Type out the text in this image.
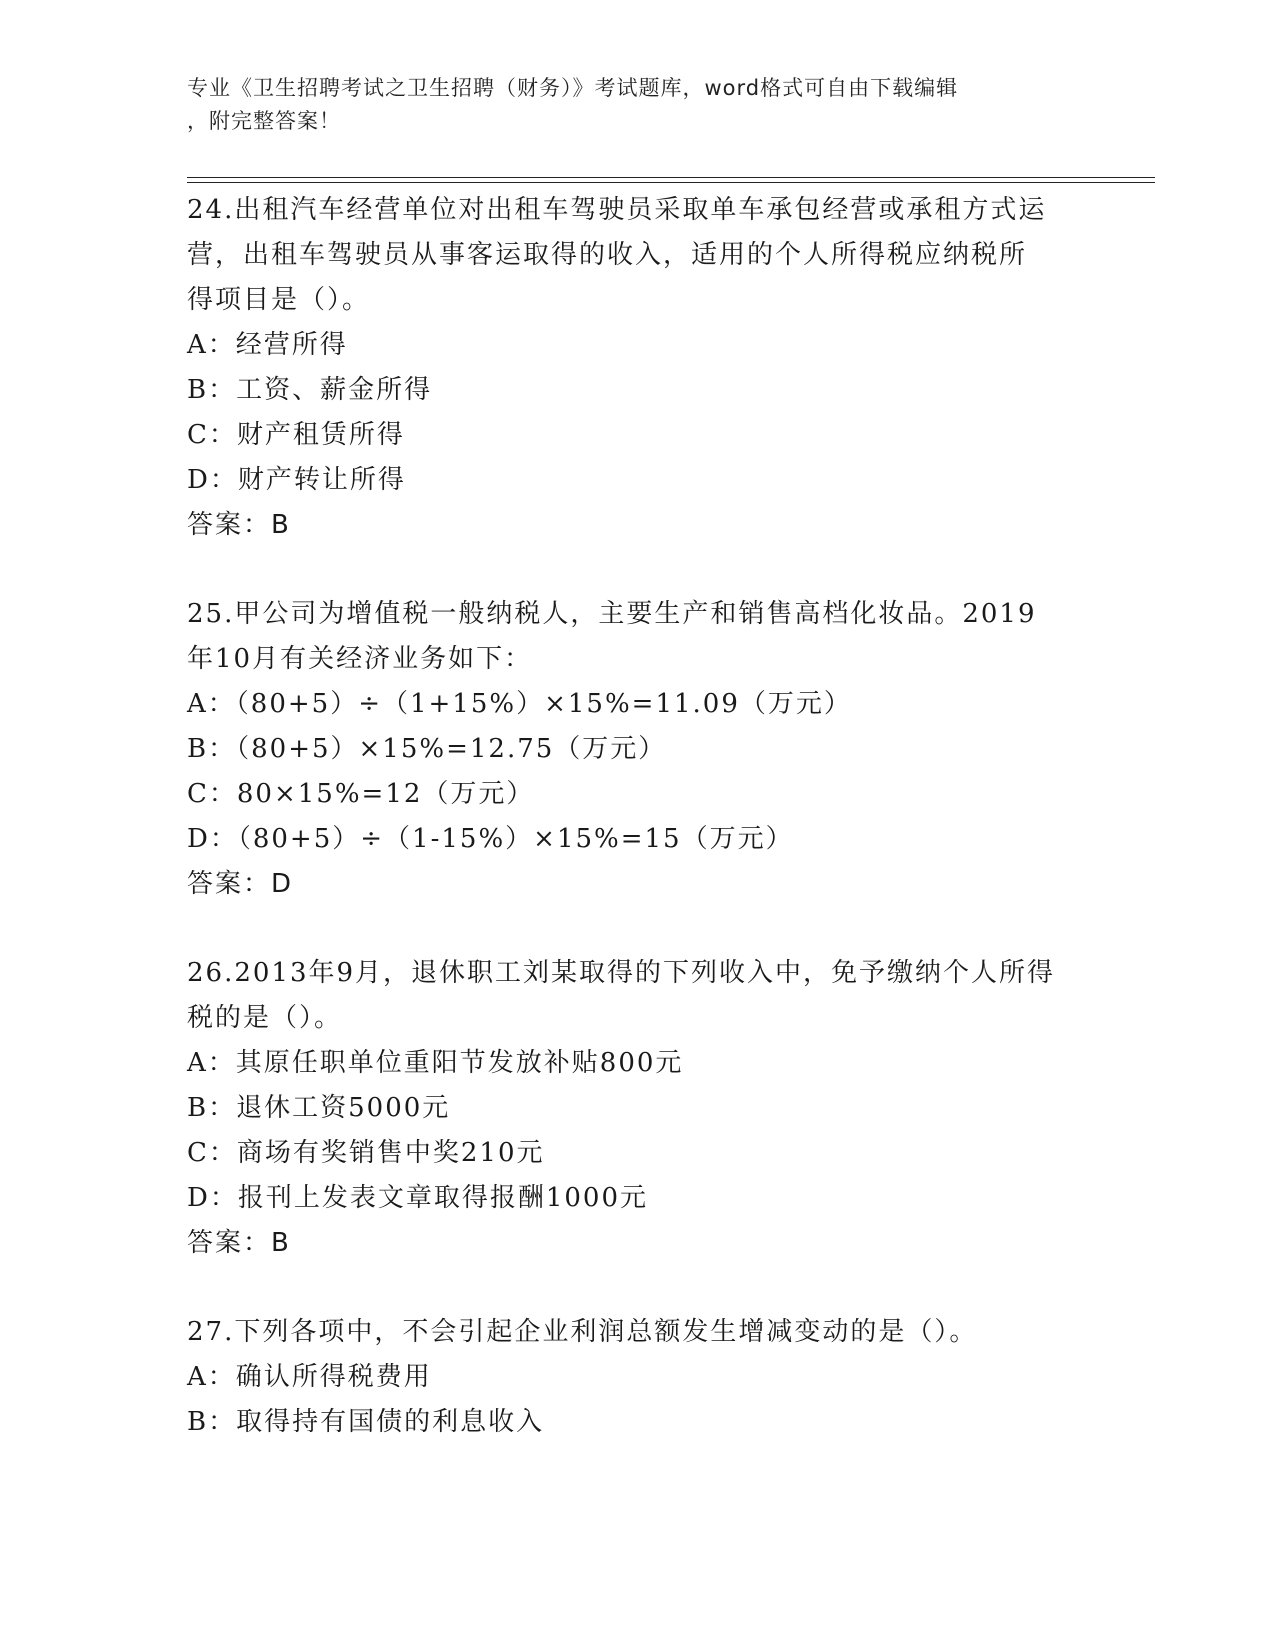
专业《卫生招聘考试之卫生招聘（财务）》考试题库，word格式可自由下载编辑
，附完整答案！

24.出租汽车经营单位对出租车驾驶员采取单车承包经营或承租方式运

营，出租车驾驶员从事客运取得的收入，适用的个人所得税应纳税所

得项目是（）。

A：经营所得

B：工资、薪金所得

C：财产租赁所得

D：财产转让所得

答案：B

25.甲公司为增值税一般纳税人，主要生产和销售高档化妆品。2019

年10月有关经济业务如下：

A：（80+5）÷（1+15%）×15%=11.09（万元）

B：（80+5）×15%=12.75（万元）

C：80×15%=12（万元）

D：（80+5）÷（1-15%）×15%=15（万元）

答案：D

26.2013年9月，退休职工刘某取得的下列收入中，免予缴纳个人所得

税的是（）。

A：其原任职单位重阳节发放补贴800元

B：退休工资5000元

C：商场有奖销售中奖210元

D：报刊上发表文章取得报酬1000元

答案：B

27.下列各项中，不会引起企业利润总额发生增减变动的是（）。

A：确认所得税费用

B：取得持有国债的利息收入
